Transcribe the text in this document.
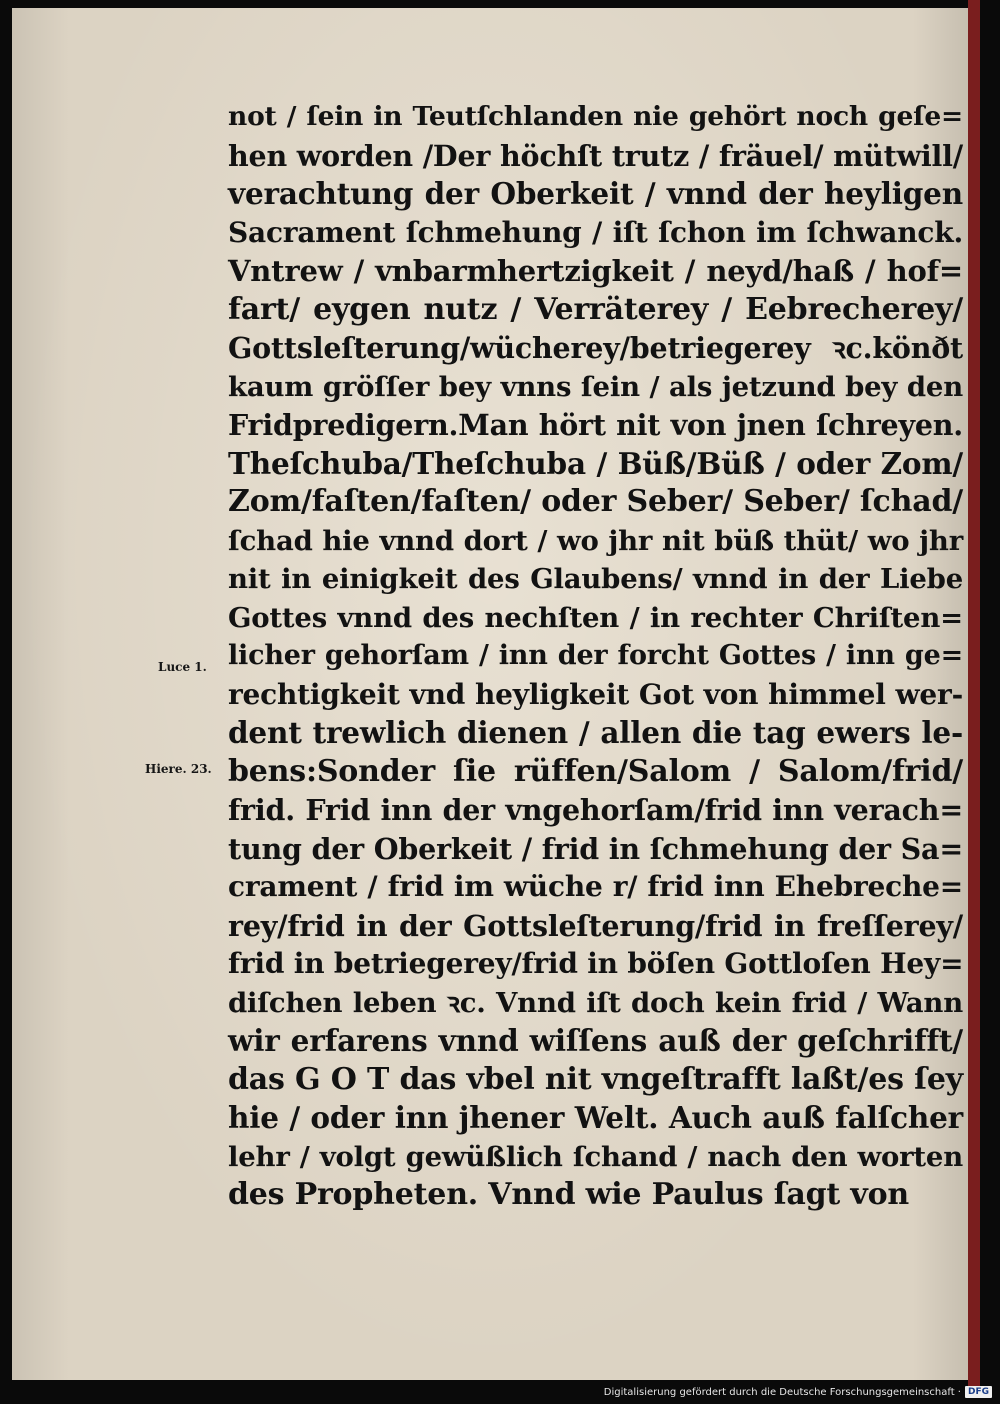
not / ſein in Teutſchlanden nie gehört noch geſe=
hen worden /Der höchſt trutz / fräuel/ mütwill/
verachtung der Oberkeit / vnnd der heyligen
Sacrament ſchmehung / iſt ſchon im ſchwanck.
Vntrew / vnbarmhertzigkeit / neyd/haß / hof=
fart/ eygen nutz / Verräterey / Eebrecherey/
Gottsleſterung/wücherey/betriegerey ꝛc.könðt
kaum gröſſer bey vnns ſein / als jetzund bey den
Fridpredigern.Man hört nit von jnen ſchreyen.
Theſchuba/Theſchuba / Büß/Büß / oder Zom/
Zom/faſten/faſten/ oder Seber/ Seber/ ſchad/
ſchad hie vnnd dort / wo jhr nit büß thüt/ wo jhr
nit in einigkeit des Glaubens/ vnnd in der Liebe
Gottes vnnd des nechſten / in rechter Chriſten=
licher gehorſam / inn der forcht Gottes / inn ge=
rechtigkeit vnd heyligkeit Got von himmel wer-
dent trewlich dienen / allen die tag ewers le-
bens:Sonder ſie rüffen/Salom / Salom/frid/
frid. Frid inn der vngehorſam/frid inn verach=
tung der Oberkeit / frid in ſchmehung der Sa=
crament / frid im wüche r/ frid inn Ehebreche=
rey/frid in der Gottsleſterung/frid in freſſerey/
frid in betriegerey/frid in böſen Gottloſen Hey=
diſchen leben ꝛc. Vnnd iſt doch kein frid / Wann
wir erfarens vnnd wiſſens auß der geſchrifft/
das G O T das vbel nit vngeſtrafft laßt/es ſey
hie / oder inn jhener Welt. Auch auß falſcher
lehr / volgt gewüßlich ſchand / nach den worten
des Propheten. Vnnd wie Paulus ſagt von
Luce 1.
Hiere. 23.
Digitalisierung gefördert durch die Deutsche Forschungsgemeinschaft · DFG
